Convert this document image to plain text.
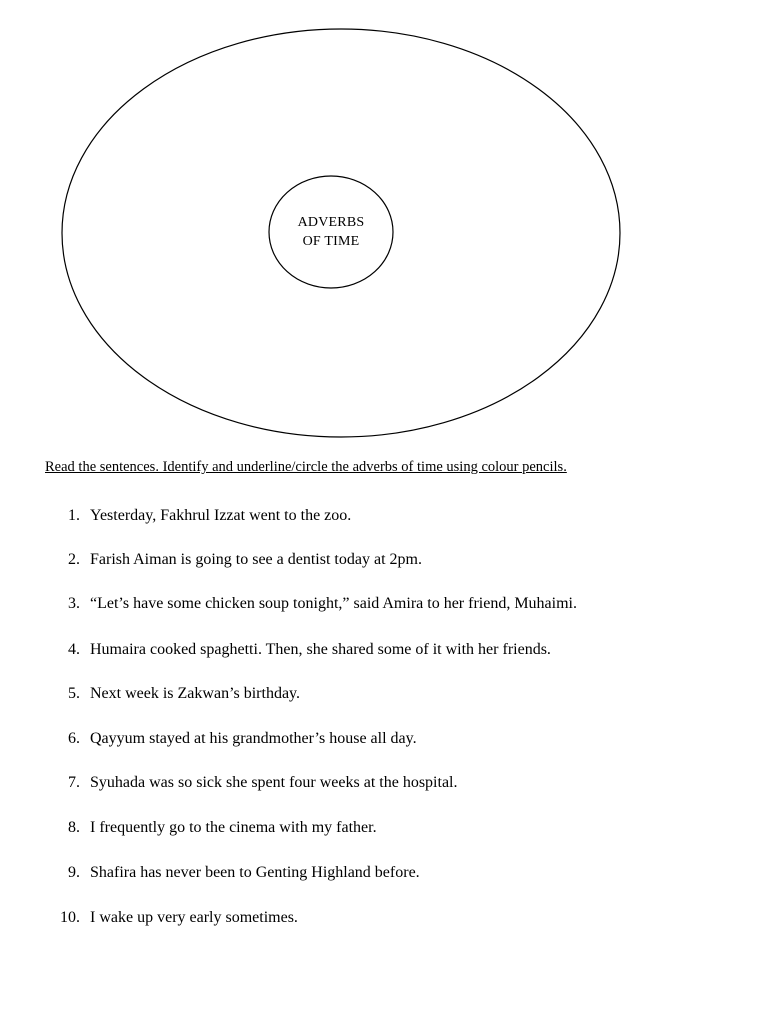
ADVERBS
OF TIME
Read the sentences. Identify and underline/circle the adverbs of time using colour pencils.
1. Yesterday, Fakhrul Izzat went to the zoo.
2. Farish Aiman is going to see a dentist today at 2pm.
3. “Let’s have some chicken soup tonight,” said Amira to her friend, Muhaimi.
4. Humaira cooked spaghetti. Then, she shared some of it with her friends.
5. Next week is Zakwan’s birthday.
6. Qayyum stayed at his grandmother’s house all day.
7. Syuhada was so sick she spent four weeks at the hospital.
8. I frequently go to the cinema with my father.
9. Shafira has never been to Genting Highland before.
10. I wake up very early sometimes.
